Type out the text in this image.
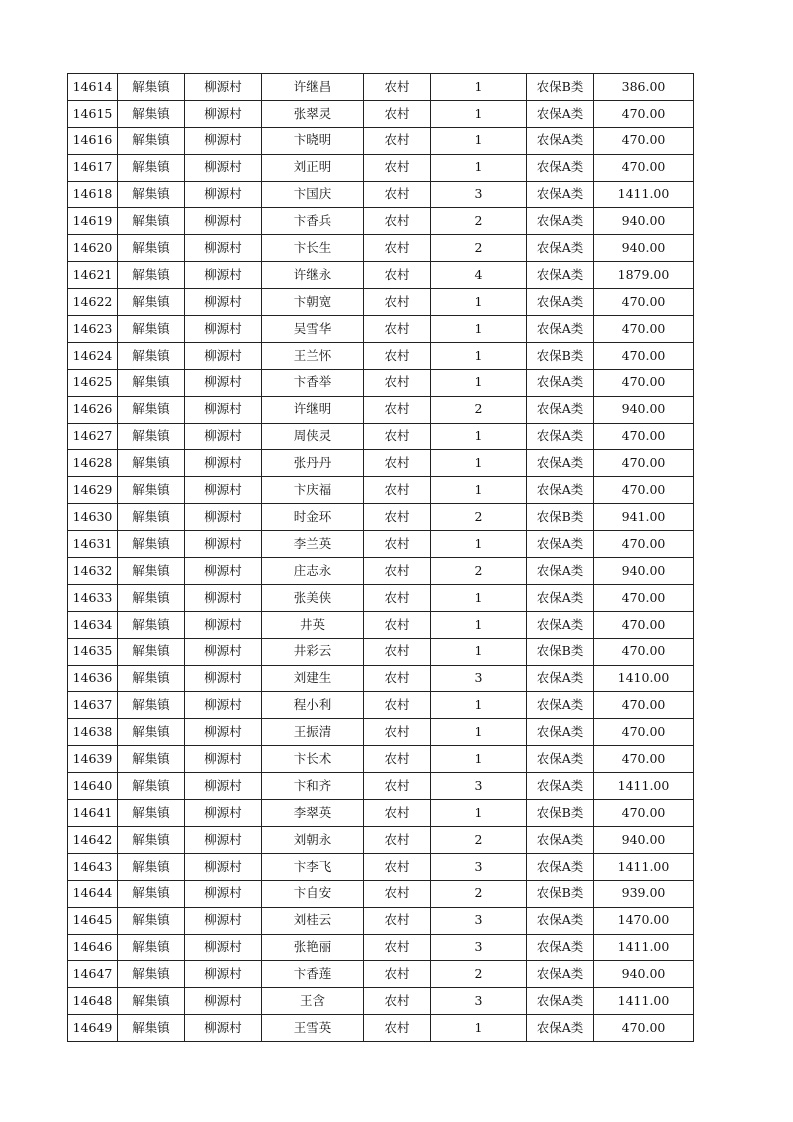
14614	解集镇	柳源村	许继昌	农村	1	农保B类	386.00
14615	解集镇	柳源村	张翠灵	农村	1	农保A类	470.00
14616	解集镇	柳源村	卞晓明	农村	1	农保A类	470.00
14617	解集镇	柳源村	刘正明	农村	1	农保A类	470.00
14618	解集镇	柳源村	卞国庆	农村	3	农保A类	1411.00
14619	解集镇	柳源村	卞香兵	农村	2	农保A类	940.00
14620	解集镇	柳源村	卞长生	农村	2	农保A类	940.00
14621	解集镇	柳源村	许继永	农村	4	农保A类	1879.00
14622	解集镇	柳源村	卞朝宽	农村	1	农保A类	470.00
14623	解集镇	柳源村	吴雪华	农村	1	农保A类	470.00
14624	解集镇	柳源村	王兰怀	农村	1	农保B类	470.00
14625	解集镇	柳源村	卞香举	农村	1	农保A类	470.00
14626	解集镇	柳源村	许继明	农村	2	农保A类	940.00
14627	解集镇	柳源村	周侠灵	农村	1	农保A类	470.00
14628	解集镇	柳源村	张丹丹	农村	1	农保A类	470.00
14629	解集镇	柳源村	卞庆福	农村	1	农保A类	470.00
14630	解集镇	柳源村	时金环	农村	2	农保B类	941.00
14631	解集镇	柳源村	李兰英	农村	1	农保A类	470.00
14632	解集镇	柳源村	庄志永	农村	2	农保A类	940.00
14633	解集镇	柳源村	张美侠	农村	1	农保A类	470.00
14634	解集镇	柳源村	井英	农村	1	农保A类	470.00
14635	解集镇	柳源村	井彩云	农村	1	农保B类	470.00
14636	解集镇	柳源村	刘建生	农村	3	农保A类	1410.00
14637	解集镇	柳源村	程小利	农村	1	农保A类	470.00
14638	解集镇	柳源村	王振清	农村	1	农保A类	470.00
14639	解集镇	柳源村	卞长术	农村	1	农保A类	470.00
14640	解集镇	柳源村	卞和齐	农村	3	农保A类	1411.00
14641	解集镇	柳源村	李翠英	农村	1	农保B类	470.00
14642	解集镇	柳源村	刘朝永	农村	2	农保A类	940.00
14643	解集镇	柳源村	卞李飞	农村	3	农保A类	1411.00
14644	解集镇	柳源村	卞自安	农村	2	农保B类	939.00
14645	解集镇	柳源村	刘桂云	农村	3	农保A类	1470.00
14646	解集镇	柳源村	张艳丽	农村	3	农保A类	1411.00
14647	解集镇	柳源村	卞香莲	农村	2	农保A类	940.00
14648	解集镇	柳源村	王含	农村	3	农保A类	1411.00
14649	解集镇	柳源村	王雪英	农村	1	农保A类	470.00
